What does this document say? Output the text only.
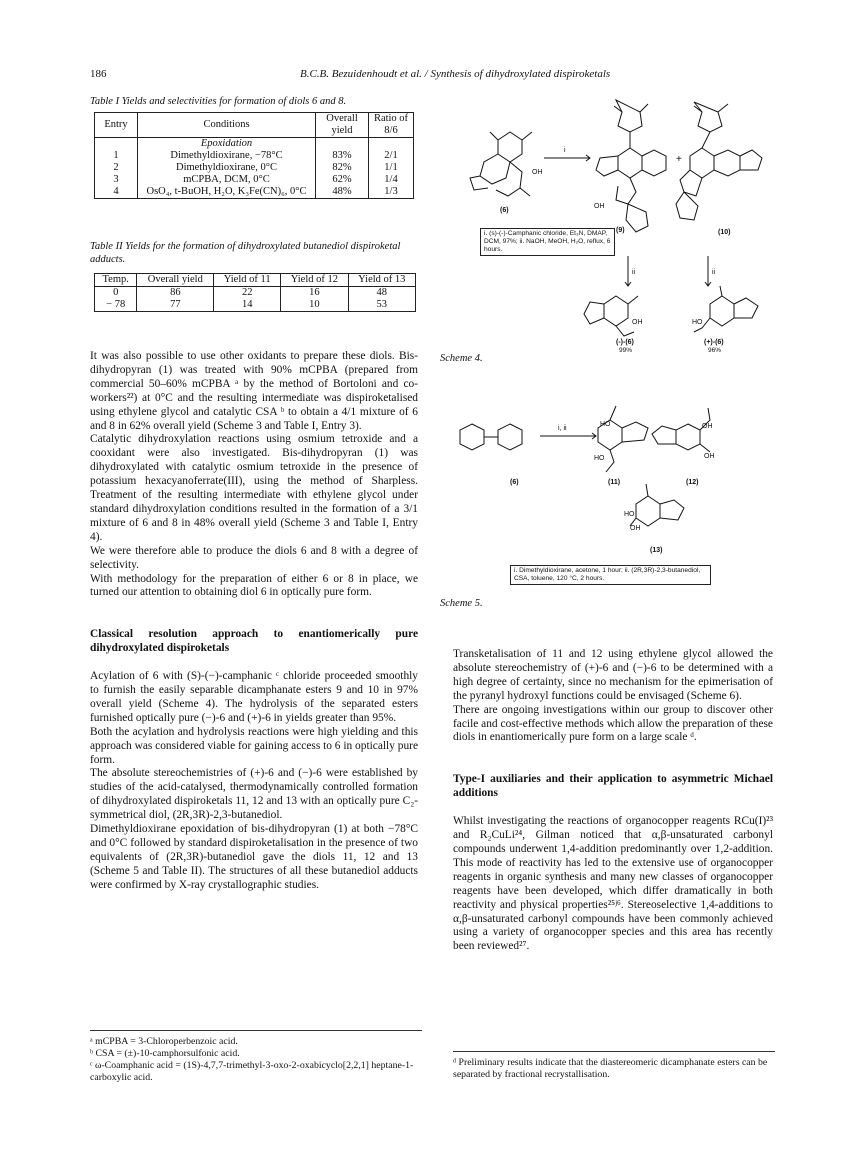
186	B.C.B. Bezuidenhoudt et al. / Synthesis of dihydroxylated dispiroketals
Table I Yields and selectivities for formation of diols 6 and 8.
Entry	Conditions	Overall yield	Ratio of 8/6
	Epoxidation		
1	Dimethyldioxirane, −78°C	83%	2/1
2	Dimethyldioxirane, 0°C	82%	1/1
3	mCPBA, DCM, 0°C	62%	1/4
4	OsO₄, t-BuOH, H₂O, K₃Fe(CN)₆, 0°C	48%	1/3
Table II Yields for the formation of dihydroxylated butanediol dispiroketal adducts.
Temp.	Overall yield	Yield of 11	Yield of 12	Yield of 13
0	86	22	16	48
− 78	77	14	10	53

It was also possible to use other oxidants to prepare these diols. Bis-dihydropyran (1) was treated with 90% mCPBA (prepared from commercial 50–60% mCPBA ᵃ by the method of Bortoloni and co-workers²²) at 0°C and the resulting intermediate was dispiroketalised using ethylene glycol and catalytic CSA ᵇ to obtain a 4/1 mixture of 6 and 8 in 62% overall yield (Scheme 3 and Table I, Entry 3).

Catalytic dihydroxylation reactions using osmium tetroxide and a cooxidant were also investigated. Bis-dihydropyran (1) was dihydroxylated with catalytic osmium tetroxide in the presence of potassium hexacyanoferrate(III), using the method of Sharpless. Treatment of the resulting intermediate with ethylene glycol under standard dihydroxylation conditions resulted in the formation of a 3/1 mixture of 6 and 8 in 48% overall yield (Scheme 3 and Table I, Entry 4).

We were therefore able to produce the diols 6 and 8 with a degree of selectivity.

With methodology for the preparation of either 6 or 8 in place, we turned our attention to obtaining diol 6 in optically pure form.

Classical resolution approach to enantiomerically pure dihydroxylated dispiroketals

Acylation of 6 with (S)-(−)-camphanic ᶜ chloride proceeded smoothly to furnish the easily separable dicamphanate esters 9 and 10 in 97% overall yield (Scheme 4). The hydrolysis of the separated esters furnished optically pure (−)-6 and (+)-6 in yields greater than 95%.

Both the acylation and hydrolysis reactions were high yielding and this approach was considered viable for gaining access to 6 in optically pure form.

The absolute stereochemistries of (+)-6 and (−)-6 were established by studies of the acid-catalysed, thermodynamically controlled formation of dihydroxylated dispiroketals 11, 12 and 13 with an optically pure C₂-symmetrical diol, (2R,3R)-2,3-butanediol.

Dimethyldioxirane epoxidation of bis-dihydropyran (1) at both −78°C and 0°C followed by standard dispiroketalisation in the presence of two equivalents of (2R,3R)-butanediol gave the diols 11, 12 and 13 (Scheme 5 and Table II). The structures of all these butanediol adducts were confirmed by X-ray crystallographic studies.

ᵃ mCPBA = 3-Chloroperbenzoic acid.
ᵇ CSA = (±)-10-camphorsulfonic acid.
ᶜ ω-Coamphanic acid = (1S)-4,7,7-trimethyl-3-oxo-2-oxabicyclo[2,2,1] heptane-1-carboxylic acid.
i
+
OH
OH
OH	HO
ii	ii
(6)
(9)	(10)
(-)-(6)	(+)-(6)
99%	96%
i. (s)-(-)-Camphanic chloride, Et₃N, DMAP, DCM, 97%; ii. NaOH, MeOH, H₂O, reflux, 6 hours.
Scheme 4.
i, ii
HO
HO
OH
OH
HO
OH
(6)	(11)	(12)
(13)
i. Dimethyldioxirane, acetone, 1 hour; ii. (2R,3R)-2,3-butanediol, CSA, toluene, 120 °C, 2 hours.
Scheme 5.

Transketalisation of 11 and 12 using ethylene glycol allowed the absolute stereochemistry of (+)-6 and (−)-6 to be determined with a high degree of certainty, since no mechanism for the epimerisation of the pyranyl hydroxyl functions could be envisaged (Scheme 6).

There are ongoing investigations within our group to discover other facile and cost-effective methods which allow the preparation of these diols in enantiomerically pure form on a large scale ᵈ.

Type-I auxiliaries and their application to asymmetric Michael additions

Whilst investigating the reactions of organocopper reagents RCu(I)²³ and R₂CuLi²⁴, Gilman noticed that α,β-unsaturated carbonyl compounds underwent 1,4-addition predominantly over 1,2-addition. This mode of reactivity has led to the extensive use of organocopper reagents in organic synthesis and many new classes of organocopper reagents have been developed, which differ dramatically in both reactivity and physical properties²⁵ʲ⁶. Stereoselective 1,4-additions to α,β-unsaturated carbonyl compounds have been commonly achieved using a variety of organocopper species and this area has recently been reviewed²⁷.

ᵈ Preliminary results indicate that the diastereomeric dicamphanate esters can be separated by fractional recrystallisation.
